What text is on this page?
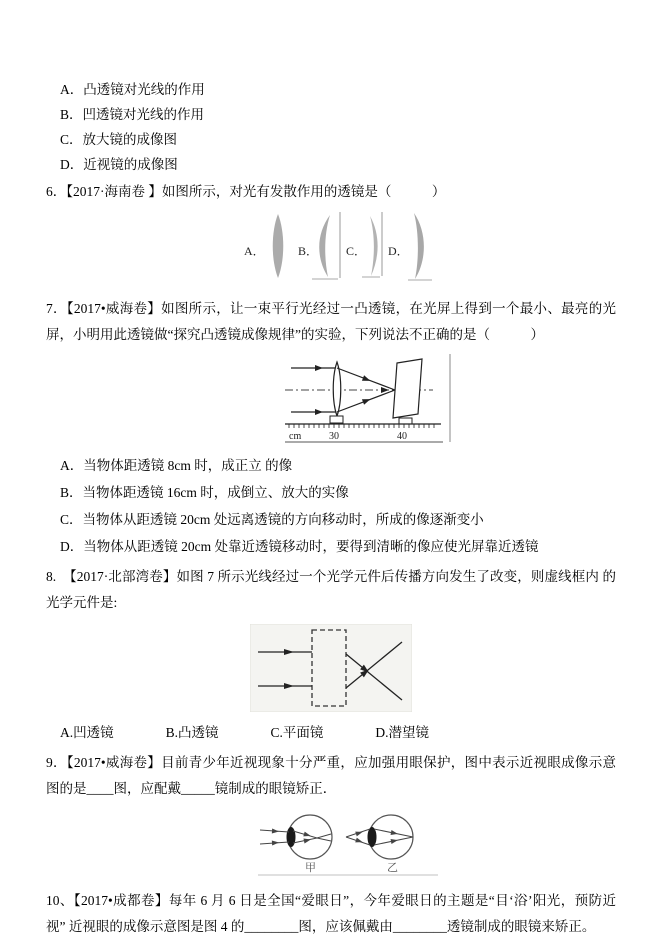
A．凸透镜对光线的作用
B．凹透镜对光线的作用
C．放大镜的成像图
D．近视镜的成像图
6．【2017·海南卷 】如图所示，对光有发散作用的透镜是（　　　）
A．	B． C． D．
7．【2017•威海卷】如图所示，让一束平行光经过一凸透镜，在光屏上得到一个最小、最亮的光屏，小明用此透镜做“探究凸透镜成像规律”的实验，下列说法不正确的是（　　　）
cm	30	40
A．当物体距透镜 8cm 时，成正立 的像
B．当物体距透镜 16cm 时，成倒立、放大的实像
C．当物体从距透镜 20cm 处远离透镜的方向移动时，所成的像逐渐变小
D．当物体从距透镜 20cm 处靠近透镜移动时，要得到清晰的像应使光屏靠近透镜
8.　【2017·北部湾卷】如图 7 所示光线经过一个光学元件后传播方向发生了改变，则虚线框内 的光学元件是:
A.凹透镜	B.凸透镜	C.平面镜	D.潜望镜
9．【2017•威海卷】目前青少年近视现象十分严重，应加强用眼保护，图中表示近视眼成像示意图的是____图，应配戴_____镜制成的眼镜矫正．
甲	乙
10、【2017•成都卷】每年 6 月 6 日是全国“爱眼日”，今年爱眼日的主题是“目‘浴’阳光，预防近视” 近视眼的成像示意图是图 4 的________图，应该佩戴由________透镜制成的眼镜来矫正。
